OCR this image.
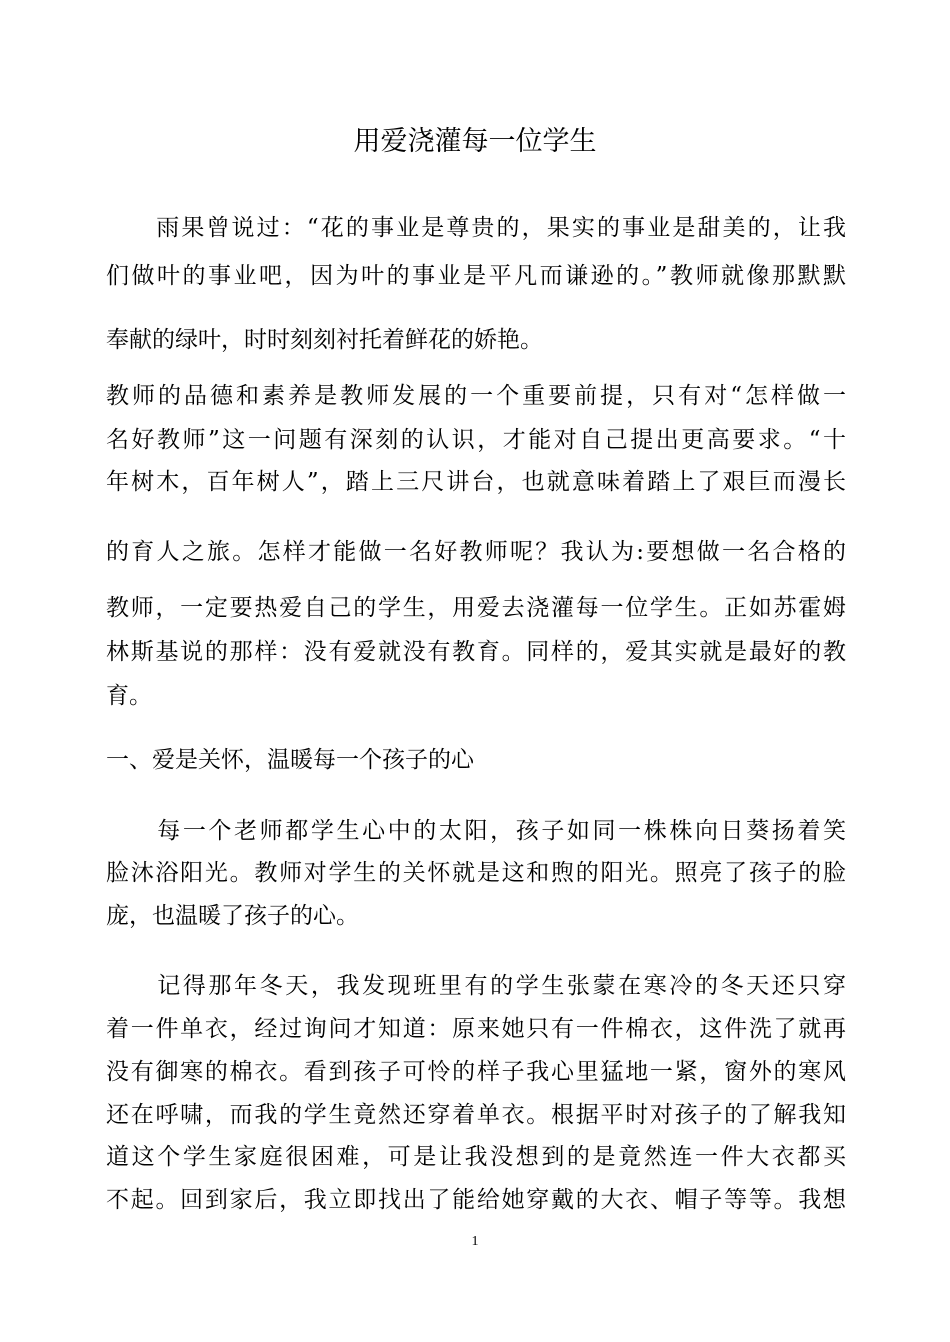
用爱浇灌每一位学生
　　雨果曾说过：“花的事业是尊贵的，果实的事业是甜美的，让我
们做叶的事业吧，因为叶的事业是平凡而谦逊的。”教师就像那默默
奉献的绿叶，时时刻刻衬托着鲜花的娇艳。
教师的品德和素养是教师发展的一个重要前提，只有对“怎样做一
名好教师”这一问题有深刻的认识，才能对自己提出更高要求。“十
年树木，百年树人”，踏上三尺讲台，也就意味着踏上了艰巨而漫长
的育人之旅。怎样才能做一名好教师呢？我认为:要想做一名合格的
教师，一定要热爱自己的学生，用爱去浇灌每一位学生。正如苏霍姆
林斯基说的那样：没有爱就没有教育。同样的，爱其实就是最好的教
育。
一、爱是关怀，温暖每一个孩子的心
　　每一个老师都学生心中的太阳，孩子如同一株株向日葵扬着笑
脸沐浴阳光。教师对学生的关怀就是这和煦的阳光。照亮了孩子的脸
庞，也温暖了孩子的心。
　　记得那年冬天，我发现班里有的学生张蒙在寒冷的冬天还只穿
着一件单衣，经过询问才知道：原来她只有一件棉衣，这件洗了就再
没有御寒的棉衣。看到孩子可怜的样子我心里猛地一紧，窗外的寒风
还在呼啸，而我的学生竟然还穿着单衣。根据平时对孩子的了解我知
道这个学生家庭很困难，可是让我没想到的是竟然连一件大衣都买
不起。回到家后，我立即找出了能给她穿戴的大衣、帽子等等。我想
1
